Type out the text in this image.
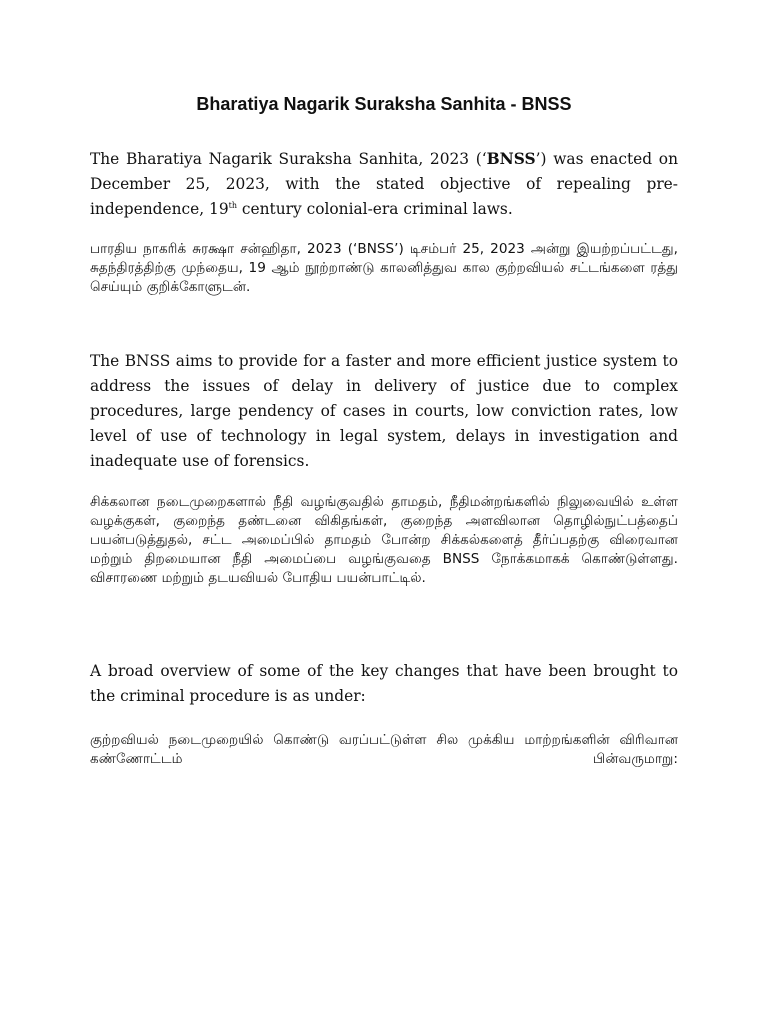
Bharatiya Nagarik Suraksha Sanhita - BNSS

The Bharatiya Nagarik Suraksha Sanhita, 2023 (‘BNSS’) was enacted on December 25, 2023, with the stated objective of repealing pre-independence, 19th century colonial-era criminal laws.

பாரதிய நாகரிக் சுரக்ஷா சன்ஹிதா, 2023 (‘BNSS’) டிசம்பர் 25, 2023 அன்று இயற்றப்பட்டது, சுதந்திரத்திற்கு முந்தைய, 19 ஆம் நூற்றாண்டு காலனித்துவ கால குற்றவியல் சட்டங்களை ரத்து செய்யும் குறிக்கோளுடன்.

The BNSS aims to provide for a faster and more efficient justice system to address the issues of delay in delivery of justice due to complex procedures, large pendency of cases in courts, low conviction rates, low level of use of technology in legal system, delays in investigation and inadequate use of forensics.

சிக்கலான நடைமுறைகளால் நீதி வழங்குவதில் தாமதம், நீதிமன்றங்களில் நிலுவையில் உள்ள வழக்குகள், குறைந்த தண்டனை விகிதங்கள், குறைந்த அளவிலான தொழில்நுட்பத்தைப் பயன்படுத்துதல், சட்ட அமைப்பில் தாமதம் போன்ற சிக்கல்களைத் தீர்ப்பதற்கு விரைவான மற்றும் திறமையான நீதி அமைப்பை வழங்குவதை BNSS நோக்கமாகக் கொண்டுள்ளது. விசாரணை மற்றும் தடயவியல் போதிய பயன்பாட்டில்.

A broad overview of some of the key changes that have been brought to the criminal procedure is as under:

குற்றவியல் நடைமுறையில் கொண்டு வரப்பட்டுள்ள சில முக்கிய மாற்றங்களின் விரிவான கண்ணோட்டம் பின்வருமாறு:
